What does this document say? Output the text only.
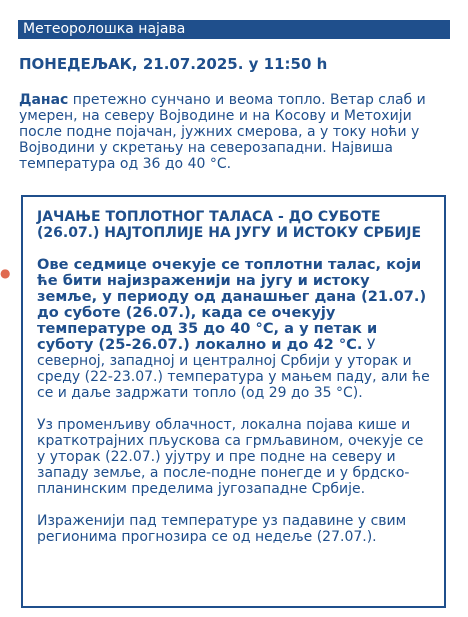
Метеоролошка најава
ПОНЕДЕЉАК, 21.07.2025. у 11:50 h
Данас претежно сунчано и веома топло. Ветар слаб и умерен, на северу Војводине и на Косову и Метохији после подне појачан, јужних смерова, а у току ноћи у Војводини у скретању на северозападни. Највиша температура од 36 до 40 °C.
ЈАЧАЊЕ ТОПЛОТНОГ ТАЛАСА - ДО СУБОТЕ (26.07.) НАЈТОПЛИЈЕ НА ЈУГУ И ИСТОКУ СРБИЈЕ
Ове седмице очекује се топлотни талас, који ће бити најизраженији на југу и истоку земље, у периоду од данашњег дана (21.07.) до суботе (26.07.), када се очекују температуре од 35 до 40 °C, а у петак и суботу (25-26.07.) локално и до 42 °C. У северној, западној и централној Србији у уторак и среду (22-23.07.) температура у мањем паду, али ће се и даље задржати топло (од 29 до 35 °C).
Уз променљиву облачност, локална појава кише и краткотрајних пљускова са грмљавином, очекује се у уторак (22.07.) ујутру и пре подне на северу и западу земље, а после-подне понегде и у брдско-планинским пределима југозападне Србије.
Израженији пад температуре уз падавине у свим регионима прогнозира се од недеље (27.07.).
●
